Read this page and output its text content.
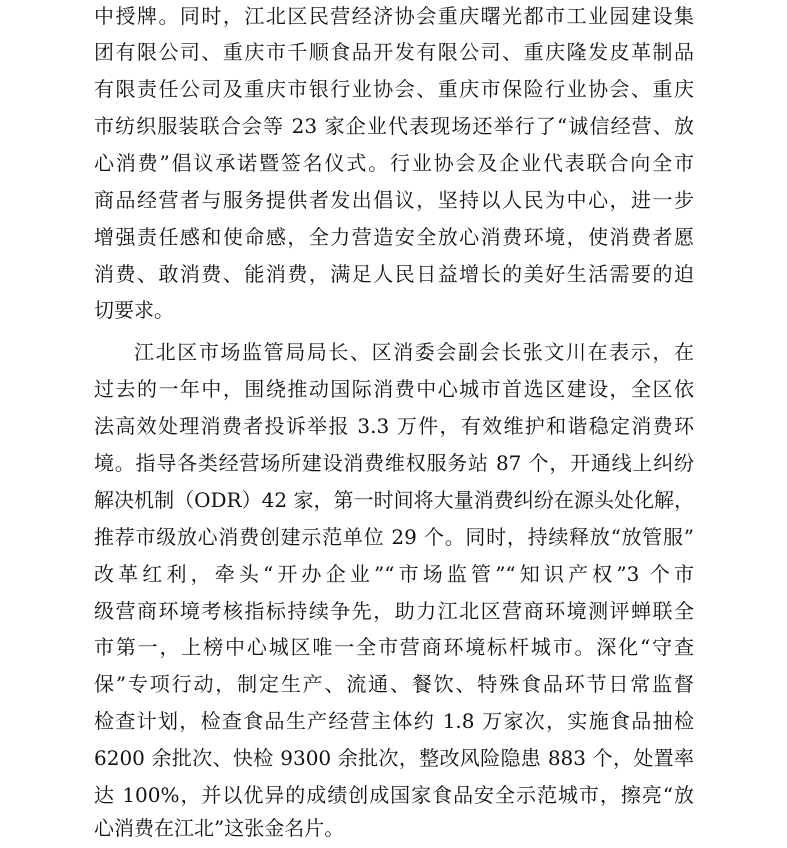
中授牌。同时，江北区民营经济协会重庆曙光都市工业园建设集
团有限公司、重庆市千顺食品开发有限公司、重庆隆发皮革制品
有限责任公司及重庆市银行业协会、重庆市保险行业协会、重庆
市纺织服装联合会等 23 家企业代表现场还举行了“诚信经营、放
心消费”倡议承诺暨签名仪式。行业协会及企业代表联合向全市
商品经营者与服务提供者发出倡议，坚持以人民为中心，进一步
增强责任感和使命感，全力营造安全放心消费环境，使消费者愿
消费、敢消费、能消费，满足人民日益增长的美好生活需要的迫
切要求。
江北区市场监管局局长、区消委会副会长张文川在表示，在
过去的一年中，围绕推动国际消费中心城市首选区建设，全区依
法高效处理消费者投诉举报 3.3 万件，有效维护和谐稳定消费环
境。指导各类经营场所建设消费维权服务站 87 个，开通线上纠纷
解决机制（ODR）42 家，第一时间将大量消费纠纷在源头处化解，
推荐市级放心消费创建示范单位 29 个。同时，持续释放“放管服”
改革红利，牵头“开办企业”“市场监管”“知识产权”3 个市
级营商环境考核指标持续争先，助力江北区营商环境测评蝉联全
市第一，上榜中心城区唯一全市营商环境标杆城市。深化“守查
保”专项行动，制定生产、流通、餐饮、特殊食品环节日常监督
检查计划，检查食品生产经营主体约 1.8 万家次，实施食品抽检
6200 余批次、快检 9300 余批次，整改风险隐患 883 个，处置率
达 100%，并以优异的成绩创成国家食品安全示范城市，擦亮“放
心消费在江北”这张金名片。
